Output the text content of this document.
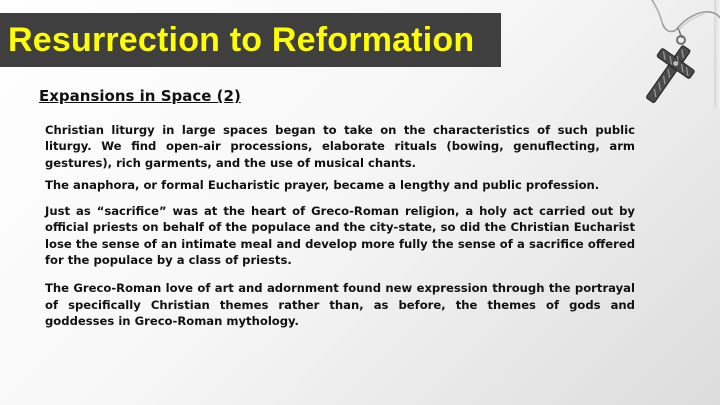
Resurrection to Reformation
Expansions in Space (2)

Christian liturgy in large spaces began to take on the characteristics of such public liturgy. We find open-air processions, elaborate rituals (bowing, genuflecting, arm gestures), rich garments, and the use of musical chants.

The anaphora, or formal Eucharistic prayer, became a lengthy and public profession.

Just as “sacrifice” was at the heart of Greco-Roman religion, a holy act carried out by official priests on behalf of the populace and the city-state, so did the Christian Eucharist lose the sense of an intimate meal and develop more fully the sense of a sacrifice offered for the populace by a class of priests.

The Greco-Roman love of art and adornment found new expression through the portrayal of specifically Christian themes rather than, as before, the themes of gods and goddesses in Greco-Roman mythology.
